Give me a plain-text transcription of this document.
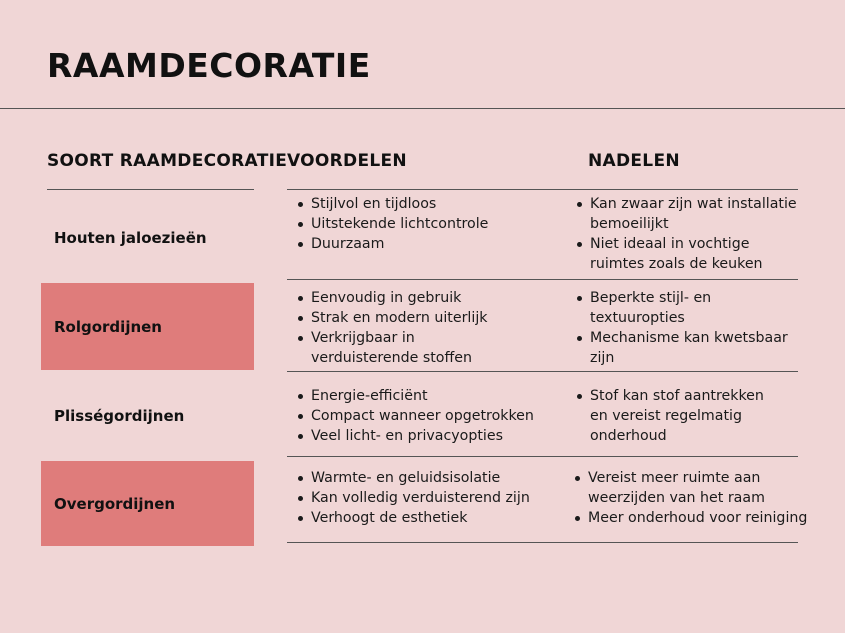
RAAMDECORATIE
SOORT RAAMDECORATIE VOORDELEN	NADELEN
Houten jaloezieën
Stijlvol en tijdloos
Uitstekende lichtcontrole
Duurzaam
Kan zwaar zijn wat installatie bemoeilijkt
Niet ideaal in vochtige ruimtes zoals de keuken
Rolgordijnen
Eenvoudig in gebruik
Strak en modern uiterlijk
Verkrijgbaar in verduisterende stoffen
Beperkte stijl- en textuuropties
Mechanisme kan kwetsbaar zijn
Plisségordijnen
Energie-efficiënt
Compact wanneer opgetrokken
Veel licht- en privacyopties
Stof kan stof aantrekken en vereist regelmatig onderhoud
Overgordijnen
Warmte- en geluidsisolatie
Kan volledig verduisterend zijn
Verhoogt de esthetiek
Vereist meer ruimte aan weerzijden van het raam
Meer onderhoud voor reiniging
